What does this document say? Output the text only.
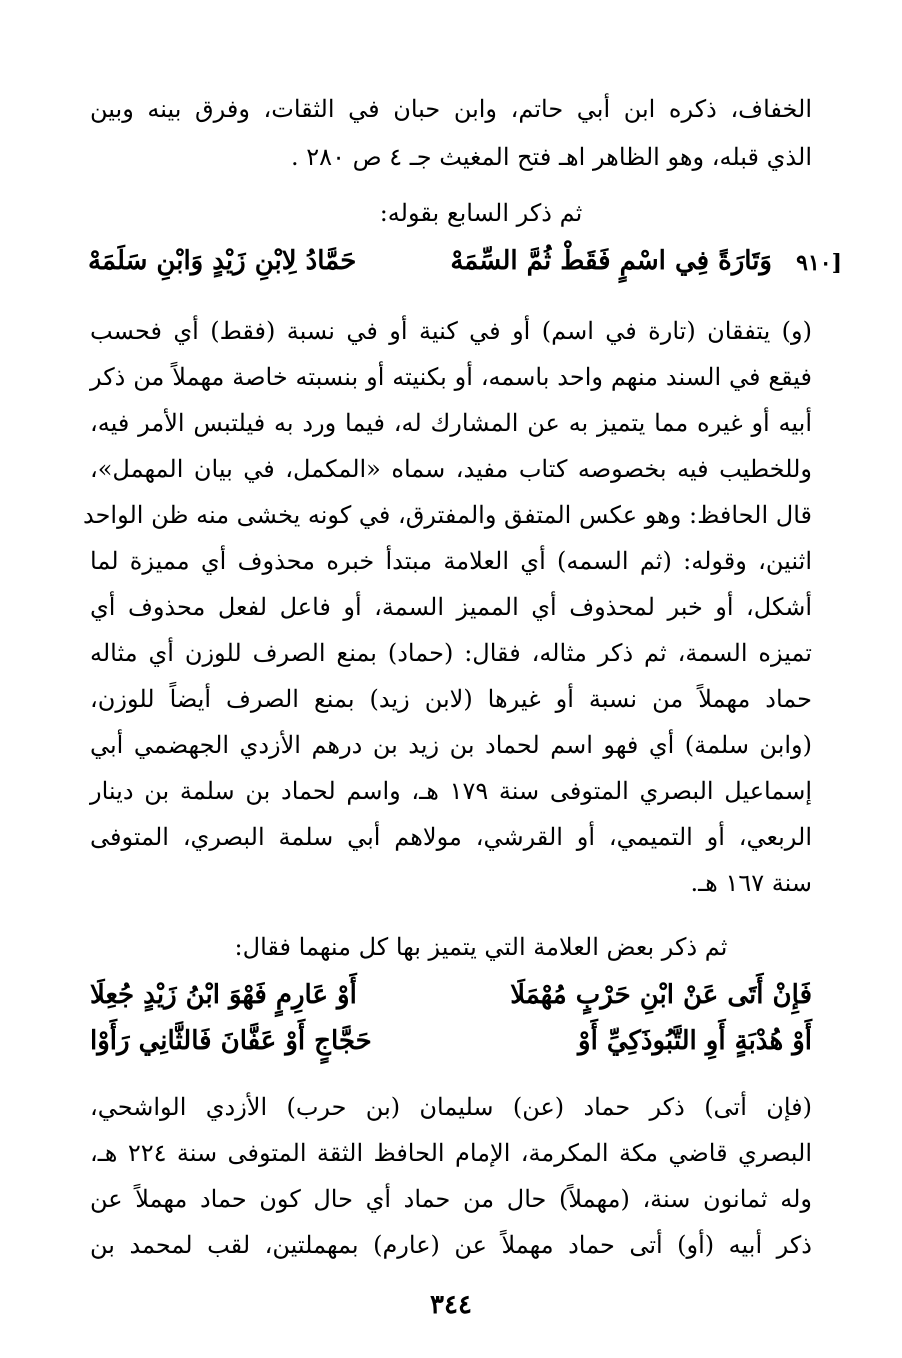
الخفاف، ذكره ابن أبي حاتم، وابن حبان في الثقات، وفرق بينه وبين
الذي قبله، وهو الظاهر اهـ فتح المغيث جـ ٤ ص ٢٨٠ .
ثم ذكر السابع بقوله:
[٩١٠
وَتَارَةً فِي اسْمٍ فَقَطْ ثُمَّ السِّمَهْ
حَمَّادُ لِابْنِ زَيْدٍ وَابْنِ سَلَمَهْ
(و) يتفقان (تارة في اسم) أو في كنية أو في نسبة (فقط) أي فحسب
فيقع في السند منهم واحد باسمه، أو بكنيته أو بنسبته خاصة مهملاً من ذكر
أبيه أو غيره مما يتميز به عن المشارك له، فيما ورد به فيلتبس الأمر فيه،
وللخطيب فيه بخصوصه كتاب مفيد، سماه «المكمل، في بيان المهمل»،
قال الحافظ: وهو عكس المتفق والمفترق، في كونه يخشى منه ظن الواحد
اثنين، وقوله: (ثم السمه) أي العلامة مبتدأ خبره محذوف أي مميزة لما
أشكل، أو خبر لمحذوف أي المميز السمة، أو فاعل لفعل محذوف أي
تميزه السمة، ثم ذكر مثاله، فقال: (حماد) بمنع الصرف للوزن أي مثاله
حماد مهملاً من نسبة أو غيرها (لابن زيد) بمنع الصرف أيضاً للوزن،
(وابن سلمة) أي فهو اسم لحماد بن زيد بن درهم الأزدي الجهضمي أبي
إسماعيل البصري المتوفى سنة ١٧٩ هـ، واسم لحماد بن سلمة بن دينار
الربعي، أو التميمي، أو القرشي، مولاهم أبي سلمة البصري، المتوفى
سنة ١٦٧ هـ.
ثم ذكر بعض العلامة التي يتميز بها كل منهما فقال:
فَإِنْ أَتَى عَنْ ابْنِ حَرْبٍ مُهْمَلَا
أَوْ عَارِمٍ فَهْوَ ابْنُ زَيْدٍ جُعِلَا
أَوْ هُدْبَةٍ أَوِ التَّبُوذَكِيِّ أَوْ
حَجَّاجٍ أَوْ عَفَّانَ فَالثَّانِي رَأَوْا
(فإن أتى) ذكر حماد (عن) سليمان (بن حرب) الأزدي الواشحي،
البصري قاضي مكة المكرمة، الإمام الحافظ الثقة المتوفى سنة ٢٢٤ هـ،
وله ثمانون سنة، (مهملاً) حال من حماد أي حال كون حماد مهملاً عن
٣٤٤
ذكر أبيه (أو) أتى حماد مهملاً عن (عارم) بمهملتين، لقب لمحمد بن
